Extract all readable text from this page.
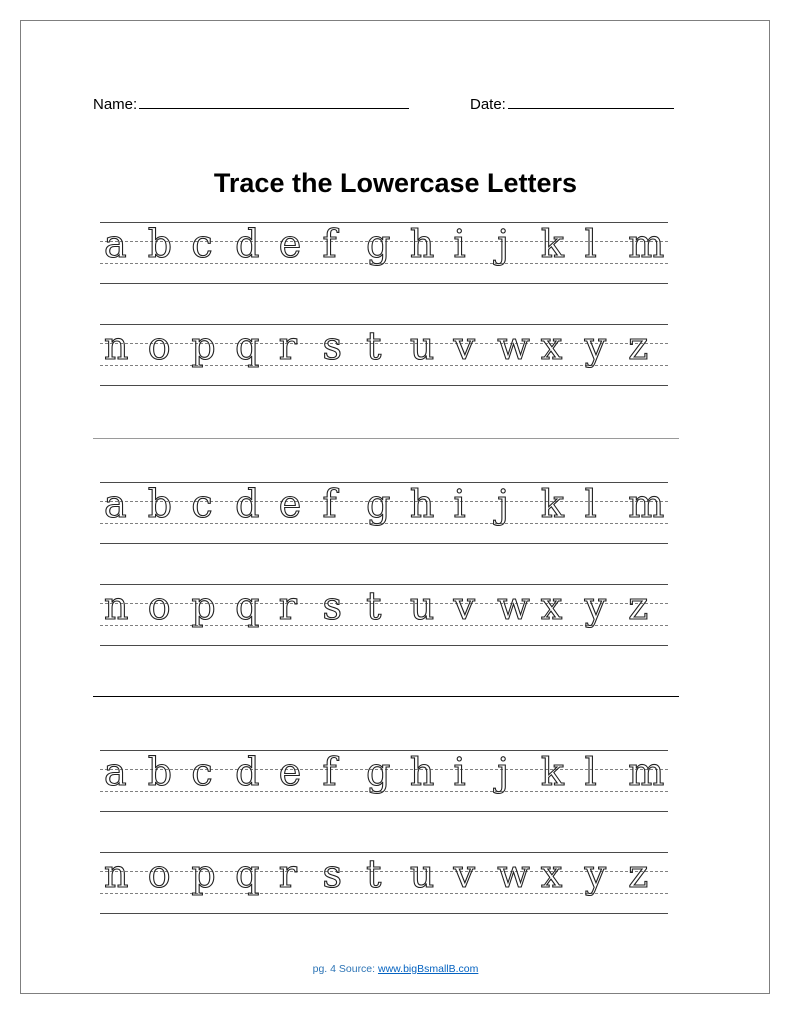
Name:	Date:
Trace the Lowercase Letters
a b c d e f g h i j k l m
n o p q r s t u v w x y z
a b c d e f g h i j k l m
n o p q r s t u v w x y z
a b c d e f g h i j k l m
n o p q r s t u v w x y z
pg. 4 Source: www.bigBsmallB.com
